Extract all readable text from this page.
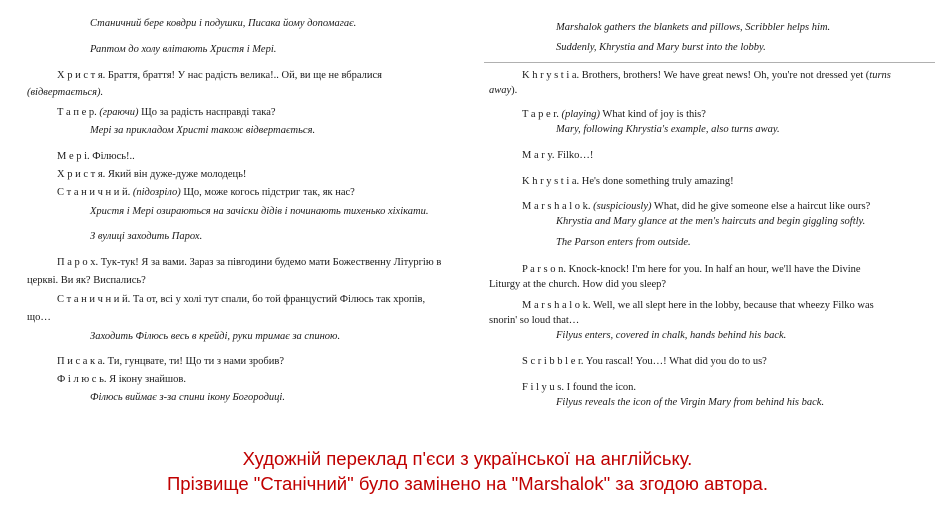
Станичний бере ковдри і подушки, Писака йому допомагає.
Раптом до холу влітають Христя і Мері.
Х р и с т я. Браття, браття! У нас радість велика!.. Ой, ви ще не вбралися
(відвертається).
Т а п е р. (граючи) Що за радість насправді така?
Мері за прикладом Христі також відвертається.
М е р і. Філюсь!..
Х р и с т я. Який він дуже-дуже молодець!
С т а н и ч н и й. (підозріло) Що, може когось підстриг так, як нас?
Христя і Мері озираються на зачіски дідів і починають тихенько хіхікати.
З вулиці заходить Парох.
П а р о х. Тук-тук! Я за вами. Зараз за півгодини будемо мати Божественну Літургію в
церкві. Ви як? Виспались?
С т а н и ч н и й. Та от, всі у холі тут спали, бо той францустий Філюсь так хропів,
що…
Заходить Філюсь весь в крейді, руки тримає за спиною.
П и с а к а. Ти, гунцвате, ти! Що ти з нами зробив?
Ф і л ю с ь. Я ікону знайшов.
Філюсь виймає з-за спини ікону Богородиці.
Marshalok gathers the blankets and pillows, Scribbler helps him.
Suddenly, Khrystia and Mary burst into the lobby.
K h r y s t i a. Brothers, brothers! We have great news! Oh, you're not dressed yet (turns
away).
T a p e r. (playing) What kind of joy is this?
Mary, following Khrystia's example, also turns away.
M a r y. Filko…!
K h r y s t i a. He's done something truly amazing!
M a r s h a l o k. (suspiciously) What, did he give someone else a haircut like ours?
Khrystia and Mary glance at the men's haircuts and begin giggling softly.
The Parson enters from outside.
P a r s o n. Knock-knock! I'm here for you. In half an hour, we'll have the Divine
Liturgy at the church. How did you sleep?
M a r s h a l o k. Well, we all slept here in the lobby, because that wheezy Filko was
snorin' so loud that…
Filyus enters, covered in chalk, hands behind his back.
S c r i b b l e r. You rascal! You…! What did you do to us?
F i l y u s. I found the icon.
Filyus reveals the icon of the Virgin Mary from behind his back.
Художній переклад п'єси з української на англійську.
Прізвище "Станічний" було замінено на "Marshalok" за згодою автора.
